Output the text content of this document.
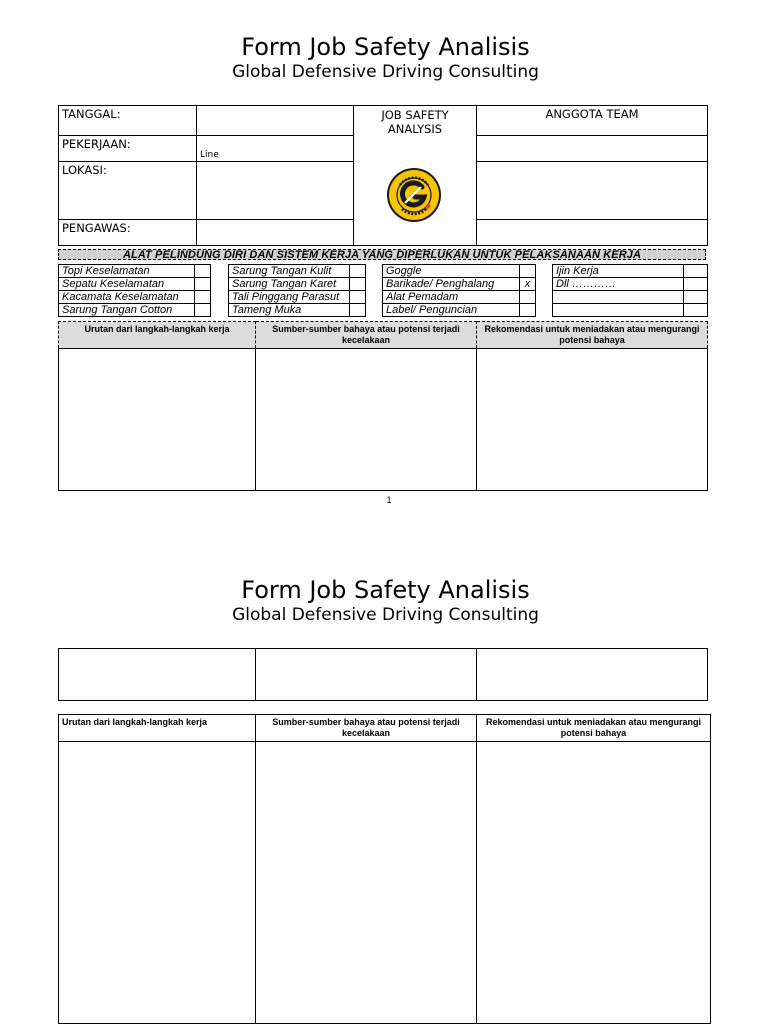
Form Job Safety Analisis
Global Defensive Driving Consulting
TANGGAL:		JOB SAFETY ANALYSIS	ANGGOTA TEAM
PEKERJAAN:	Line		
LOKASI:			
PENGAWAS:			
ALAT PELINDUNG DIRI DAN SISTEM KERJA YANG DIPERLUKAN UNTUK PELAKSANAAN KERJA
Topi Keselamatan			Sarung Tangan Kulit			Goggle			Ijin Kerja	
Sepatu Keselamatan			Sarung Tangan Karet			Barikade/ Penghalang	x		Dll …………	
Kacamata Keselamatan			Tali Pinggang Parasut			Alat Pemadam				
Sarung Tangan Cotton			Tameng Muka			Label/ Penguncian				
Urutan dari langkah-langkah kerja	Sumber-sumber bahaya atau potensi terjadi kecelakaan	Rekomendasi untuk meniadakan atau mengurangi potensi bahaya

1
Form Job Safety Analisis
Global Defensive Driving Consulting

Urutan dari langkah-langkah kerja	Sumber-sumber bahaya atau potensi terjadi kecelakaan	Rekomendasi untuk meniadakan atau mengurangi potensi bahaya
